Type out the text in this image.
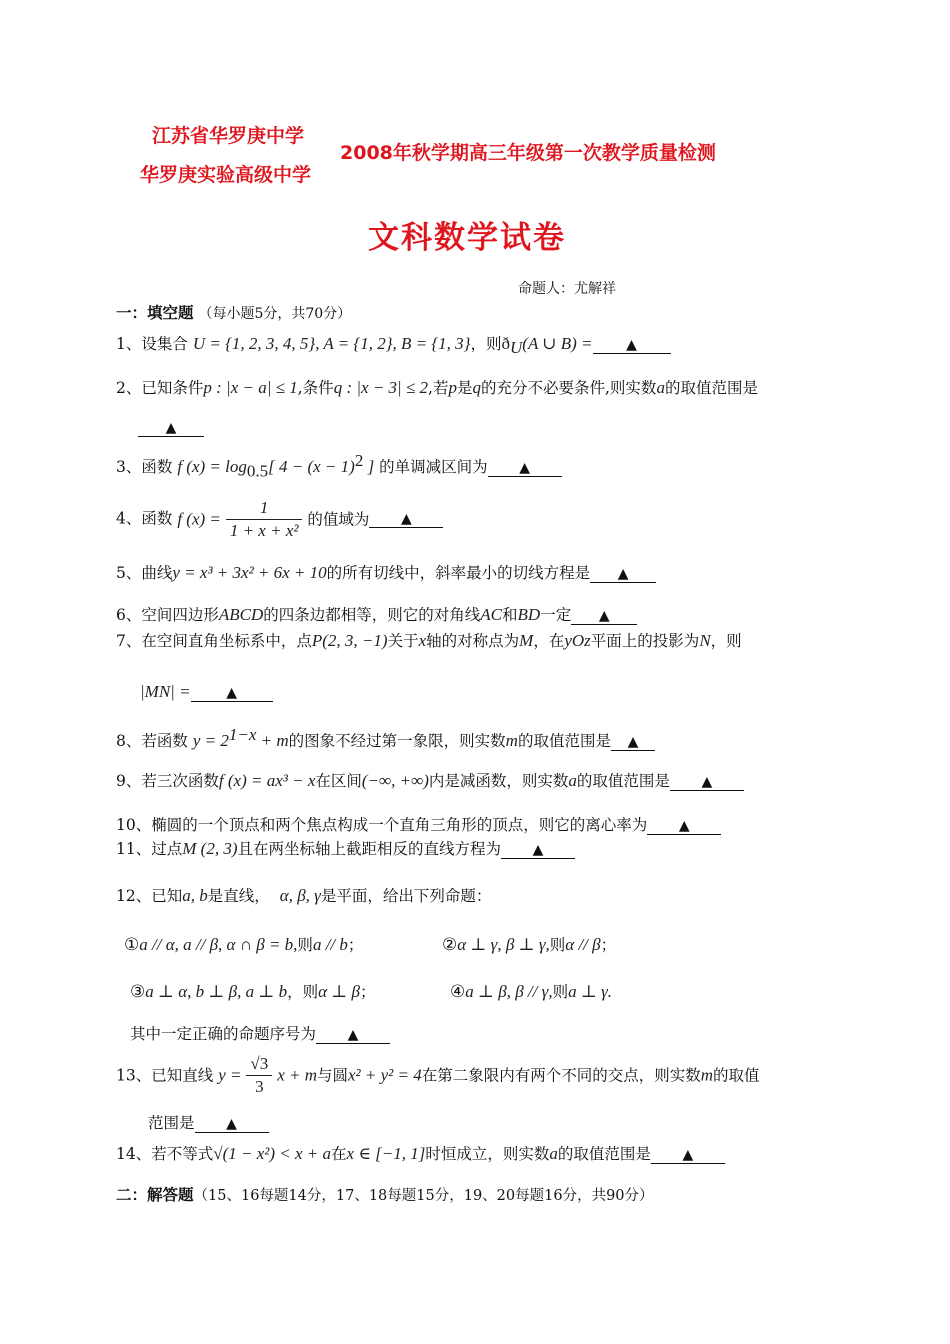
江苏省华罗庚中学
华罗庚实验高级中学
2008年秋学期高三年级第一次教学质量检测
文科数学试卷
命题人：尤解祥
一：填空题 （每小题5分，共70分）
1、设集合 U = {1, 2, 3, 4, 5}, A = {1, 2}, B = {1, 3}，则$ð_U(A$ ∪ B) = ▲
2、已知条件p : |x − a| ≤ 1,条件q : |x − 3| ≤ 2,若p是q的充分不必要条件,则实数a的取值范围是
▲
3、函数 f $(x) = \log_{0.5}$[ $4 - (x - 1)^2$ ] 的单调减区间为 ▲
4、函数 f $(x) = \frac{1}{\text{1 + x + x²}}$ 的值域为 ▲
5、曲线y = x³ + 3x² + 6x + 10的所有切线中，斜率最小的切线方程是 ▲
6、空间四边形ABCD的四条边都相等，则它的对角线AC和BD一定 ▲
7、在空间直角坐标系中，点P(2, 3, −1)关于x轴的对称点为M，在yOz平面上的投影为N，则
|MN| =	▲
8、若函数 $y = 2^{1-x} + m$的图象不经过第一象限，则实数m的取值范围是 ▲
9、若三次函数f (x) = ax³ − x在区间(−∞, +∞)内是减函数，则实数a的取值范围是 ▲
10、椭圆的一个顶点和两个焦点构成一个直角三角形的顶点，则它的离心率为 ▲
11、过点M (2, 3)且在两坐标轴上截距相反的直线方程为 ▲
12、已知a, b是直线， α, β, γ是平面，给出下列命题：
①a // α, a // β, α ∩ β = b,则a // b；	②α ⊥ γ, β ⊥ γ,则α // β；
③a ⊥ α, b ⊥ β, a ⊥ b，则α ⊥ β；	④a ⊥ β, β // γ,则a ⊥ γ.
其中一定正确的命题序号为 ▲
13、已知直线 $y = \frac{√3}{3}$ x + m与圆x² + y² = 4在第二象限内有两个不同的交点，则实数m的取值
范围是 ▲
14、若不等式√(1 − x²) < x + a在x ∈ [−1, 1]时恒成立，则实数a的取值范围是 ▲
二：解答题（15、16每题14分，17、18每题15分，19、20每题16分，共90分）
